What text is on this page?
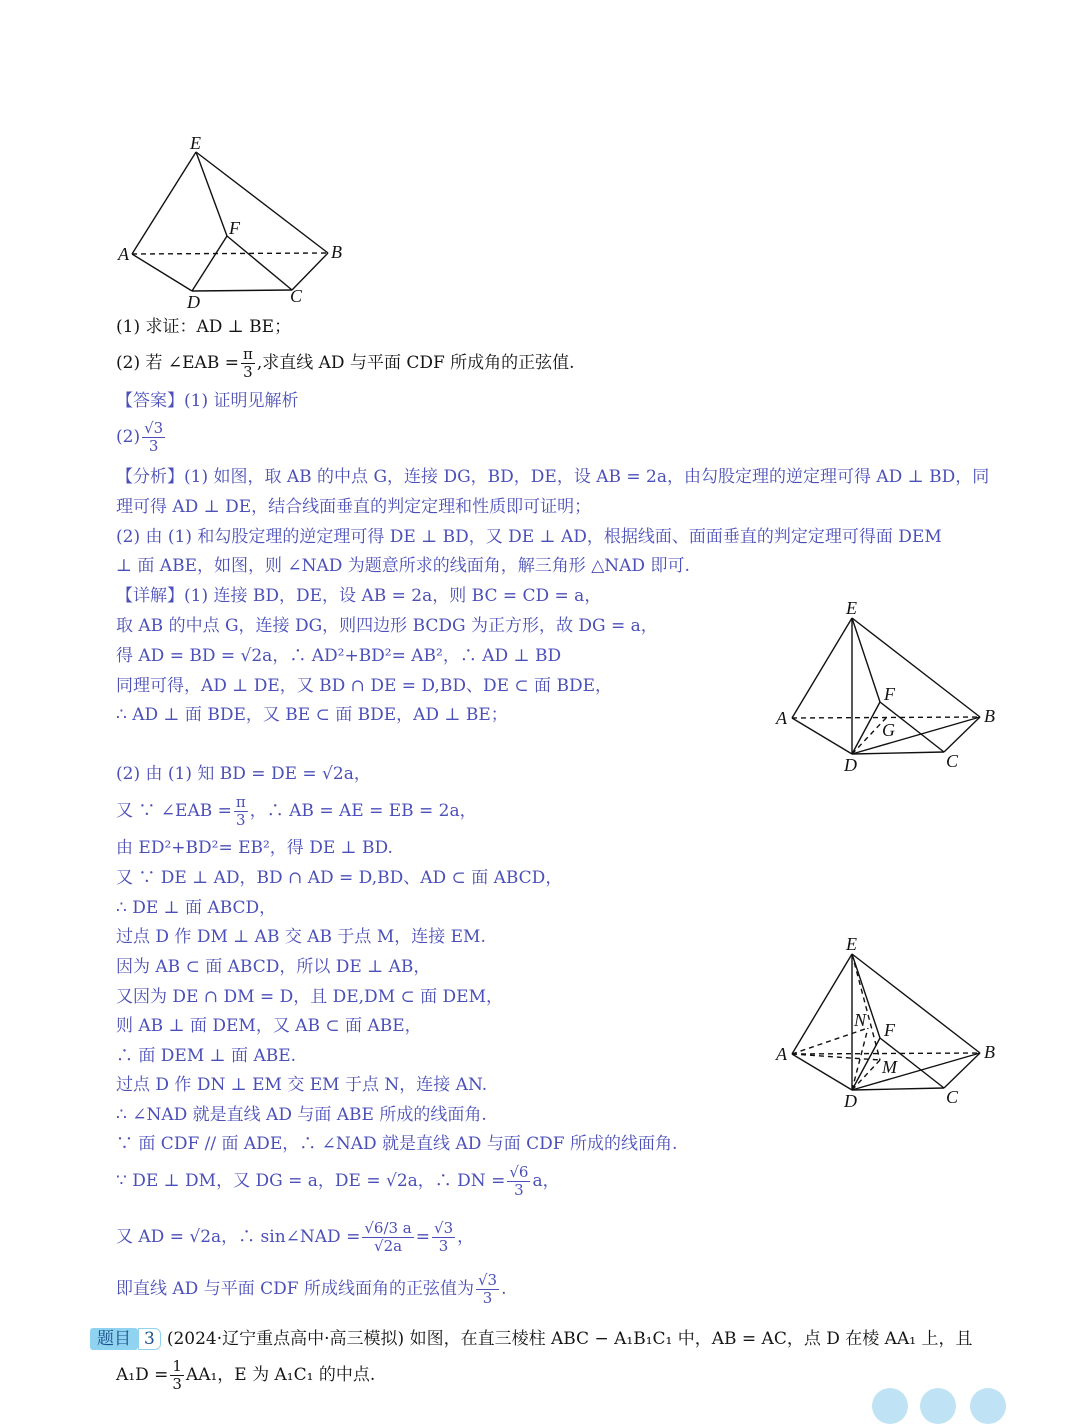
E
F
A	B
D	C
(1) 求证：AD ⊥ BE；
(2) 若 ∠EAB = $\frac{\pi}{3}$ ,求直线 AD 与平面 CDF 所成角的正弦值.
【答案】(1) 证明见解析
$(2) \frac{√3}{3}$
【分析】(1) 如图，取 AB 的中点 G，连接 DG，BD，DE，设 AB = 2a，由勾股定理的逆定理可得 AD ⊥ BD，同
理可得 AD ⊥ DE，结合线面垂直的判定定理和性质即可证明；
(2) 由 (1) 和勾股定理的逆定理可得 DE ⊥ BD，又 DE ⊥ AD，根据线面、面面垂直的判定定理可得面 DEM
⊥ 面 ABE，如图，则 ∠NAD 为题意所求的线面角，解三角形 △NAD 即可.
【详解】(1) 连接 BD，DE，设 AB = 2a，则 BC = CD = a，
取 AB 的中点 G，连接 DG，则四边形 BCDG 为正方形，故 DG = a，
得 AD = BD = √2a，∴ AD²+BD²= AB²，∴ AD ⊥ BD
同理可得，AD ⊥ DE，又 BD ∩ DE = D,BD、DE ⊂ 面 BDE，
∴ AD ⊥ 面 BDE，又 BE ⊂ 面 BDE，AD ⊥ BE；
E
F
G
A	B
D	C
(2) 由 (1) 知 BD = DE = √2a，
又 ∵ ∠EAB = $\frac{\pi}{3}$ ，∴ AB = AE = EB = 2a，
由 ED²+BD²= EB²，得 DE ⊥ BD.
又 ∵ DE ⊥ AD，BD ∩ AD = D,BD、AD ⊂ 面 ABCD，
∴ DE ⊥ 面 ABCD，
过点 D 作 DM ⊥ AB 交 AB 于点 M，连接 EM.
因为 AB ⊂ 面 ABCD，所以 DE ⊥ AB，
又因为 DE ∩ DM = D，且 DE,DM ⊂ 面 DEM，
则 AB ⊥ 面 DEM，又 AB ⊂ 面 ABE，
∴ 面 DEM ⊥ 面 ABE.
过点 D 作 DN ⊥ EM 交 EM 于点 N，连接 AN.
∴ ∠NAD 就是直线 AD 与面 ABE 所成的线面角.
∵ 面 CDF // 面 ADE，∴ ∠NAD 就是直线 AD 与面 CDF 所成的线面角.
∵ DE ⊥ DM，又 DG = a，DE = √2a，∴ DN = $\frac{√6}{3}$ a，
又 AD = √2a，∴ sin∠NAD = $\frac{√6/3 a}{√2a} = \frac{√3}{3}$ ，
即直线 AD 与平面 CDF 所成线面角的正弦值为 $\frac{√3}{3}$ .
E
N F
M
A	B
D	C
题目 3 (2024·辽宁重点高中·高三模拟) 如图，在直三棱柱 ABC − A₁B₁C₁ 中，AB = AC，点 D 在棱 AA₁ 上，且
$A_1D = \frac{1}{3} AA_1$，E 为 A₁C₁ 的中点.
